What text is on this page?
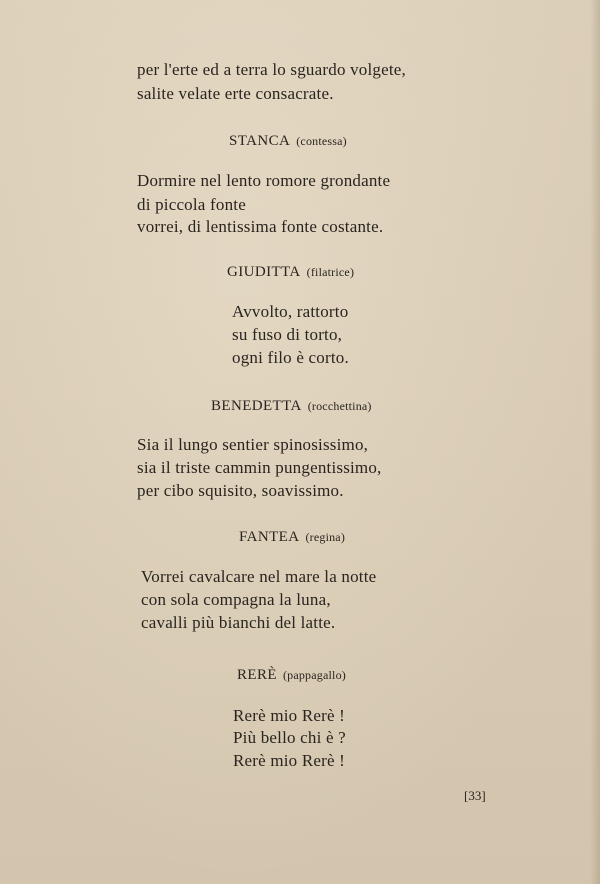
per l'erte ed a terra lo sguardo volgete,
salite velate erte consacrate.
STANCA (contessa)
Dormire nel lento romore grondante
di piccola fonte
vorrei, di lentissima fonte costante.
GIUDITTA (filatrice)
Avvolto, rattorto
su fuso di torto,
ogni filo è corto.
BENEDETTA (rocchettina)
Sia il lungo sentier spinosissimo,
sia il triste cammin pungentissimo,
per cibo squisito, soavissimo.
FANTEA (regina)
Vorrei cavalcare nel mare la notte
con sola compagna la luna,
cavalli più bianchi del latte.
RERÈ (pappagallo)
Rerè mio Rerè !
Più bello chi è ?
Rerè mio Rerè !
[33]
